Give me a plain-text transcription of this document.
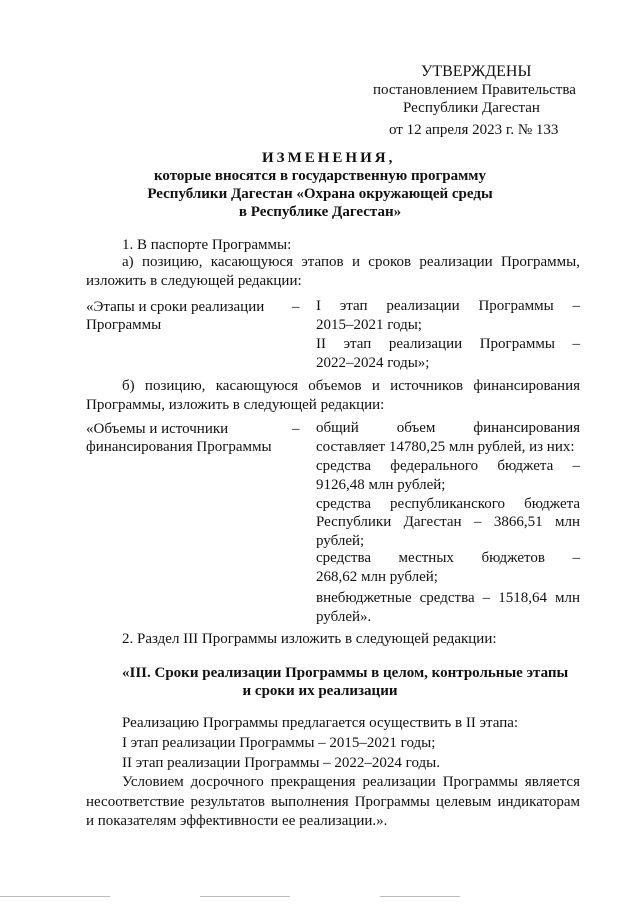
УТВЕРЖДЕНЫ
постановлением Правительства
Республики Дагестан
от 12 апреля 2023 г. № 133
ИЗМЕНЕНИЯ,
которые вносятся в государственную программу
Республики Дагестан «Охрана окружающей среды
в Республике Дагестан»
1. В паспорте Программы:
а) позицию, касающуюся этапов и сроков реализации Программы,
изложить в следующей редакции:
«Этапы и сроки реализации
Программы
– I этап реализации Программы –
2015–2021 годы;
II этап реализации Программы –
2022–2024 годы»;
б) позицию, касающуюся объемов и источников финансирования
Программы, изложить в следующей редакции:
«Объемы и источники
финансирования Программы
– общий объем финансирования
составляет 14780,25 млн рублей, из них:
средства федерального бюджета –
9126,48 млн рублей;
средства республиканского бюджета
Республики Дагестан – 3866,51 млн
рублей;
средства местных бюджетов –
268,62 млн рублей;
внебюджетные средства – 1518,64 млн
рублей».
2. Раздел III Программы изложить в следующей редакции:
«III. Сроки реализации Программы в целом, контрольные этапы
и сроки их реализации
Реализацию Программы предлагается осуществить в II этапа:
I этап реализации Программы – 2015–2021 годы;
II этап реализации Программы – 2022–2024 годы.
Условием досрочного прекращения реализации Программы является
несоответствие результатов выполнения Программы целевым индикаторам
и показателям эффективности ее реализации.».
